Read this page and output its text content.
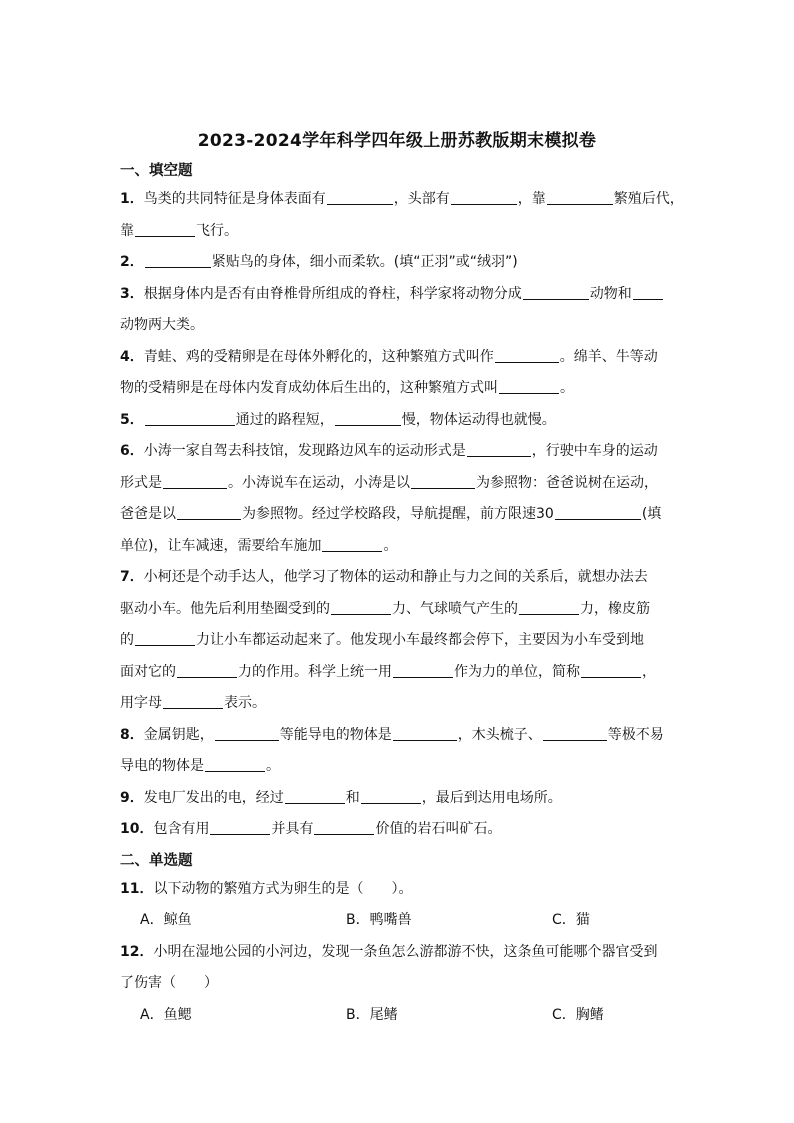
2023-2024学年科学四年级上册苏教版期末模拟卷
一、填空题
1．鸟类的共同特征是身体表面有	，头部有	，靠	繁殖后代，
靠	飞行。
2．	紧贴鸟的身体，细小而柔软。(填“正羽”或“绒羽”)
3．根据身体内是否有由脊椎骨所组成的脊柱，科学家将动物分成	动物和
动物两大类。
4．青蛙、鸡的受精卵是在母体外孵化的，这种繁殖方式叫作	。绵羊、牛等动
物的受精卵是在母体内发育成幼体后生出的，这种繁殖方式叫	。
5．	通过的路程短，	慢，物体运动得也就慢。
6．小涛一家自驾去科技馆，发现路边风车的运动形式是	，行驶中车身的运动
形式是	。小涛说车在运动，小涛是以	为参照物：爸爸说树在运动，
爸爸是以	为参照物。经过学校路段，导航提醒，前方限速30	(填
单位)，让车减速，需要给车施加	。
7．小柯还是个动手达人，他学习了物体的运动和静止与力之间的关系后，就想办法去
驱动小车。他先后利用垫圈受到的	力、气球喷气产生的	力，橡皮筋
的	力让小车都运动起来了。他发现小车最终都会停下，主要因为小车受到地
面对它的	力的作用。科学上统一用	作为力的单位，简称	，
用字母	表示。
8．金属钥匙，	等能导电的物体是	，木头梳子、	等极不易
导电的物体是	。
9．发电厂发出的电，经过	和	，最后到达用电场所。
10．包含有用	并具有	价值的岩石叫矿石。
二、单选题
11．以下动物的繁殖方式为卵生的是（　　）。
A．鲸鱼	B．鸭嘴兽	C．猫
12．小明在湿地公园的小河边，发现一条鱼怎么游都游不快，这条鱼可能哪个器官受到
了伤害（　　）
A．鱼鳃	B．尾鳍	C．胸鳍
